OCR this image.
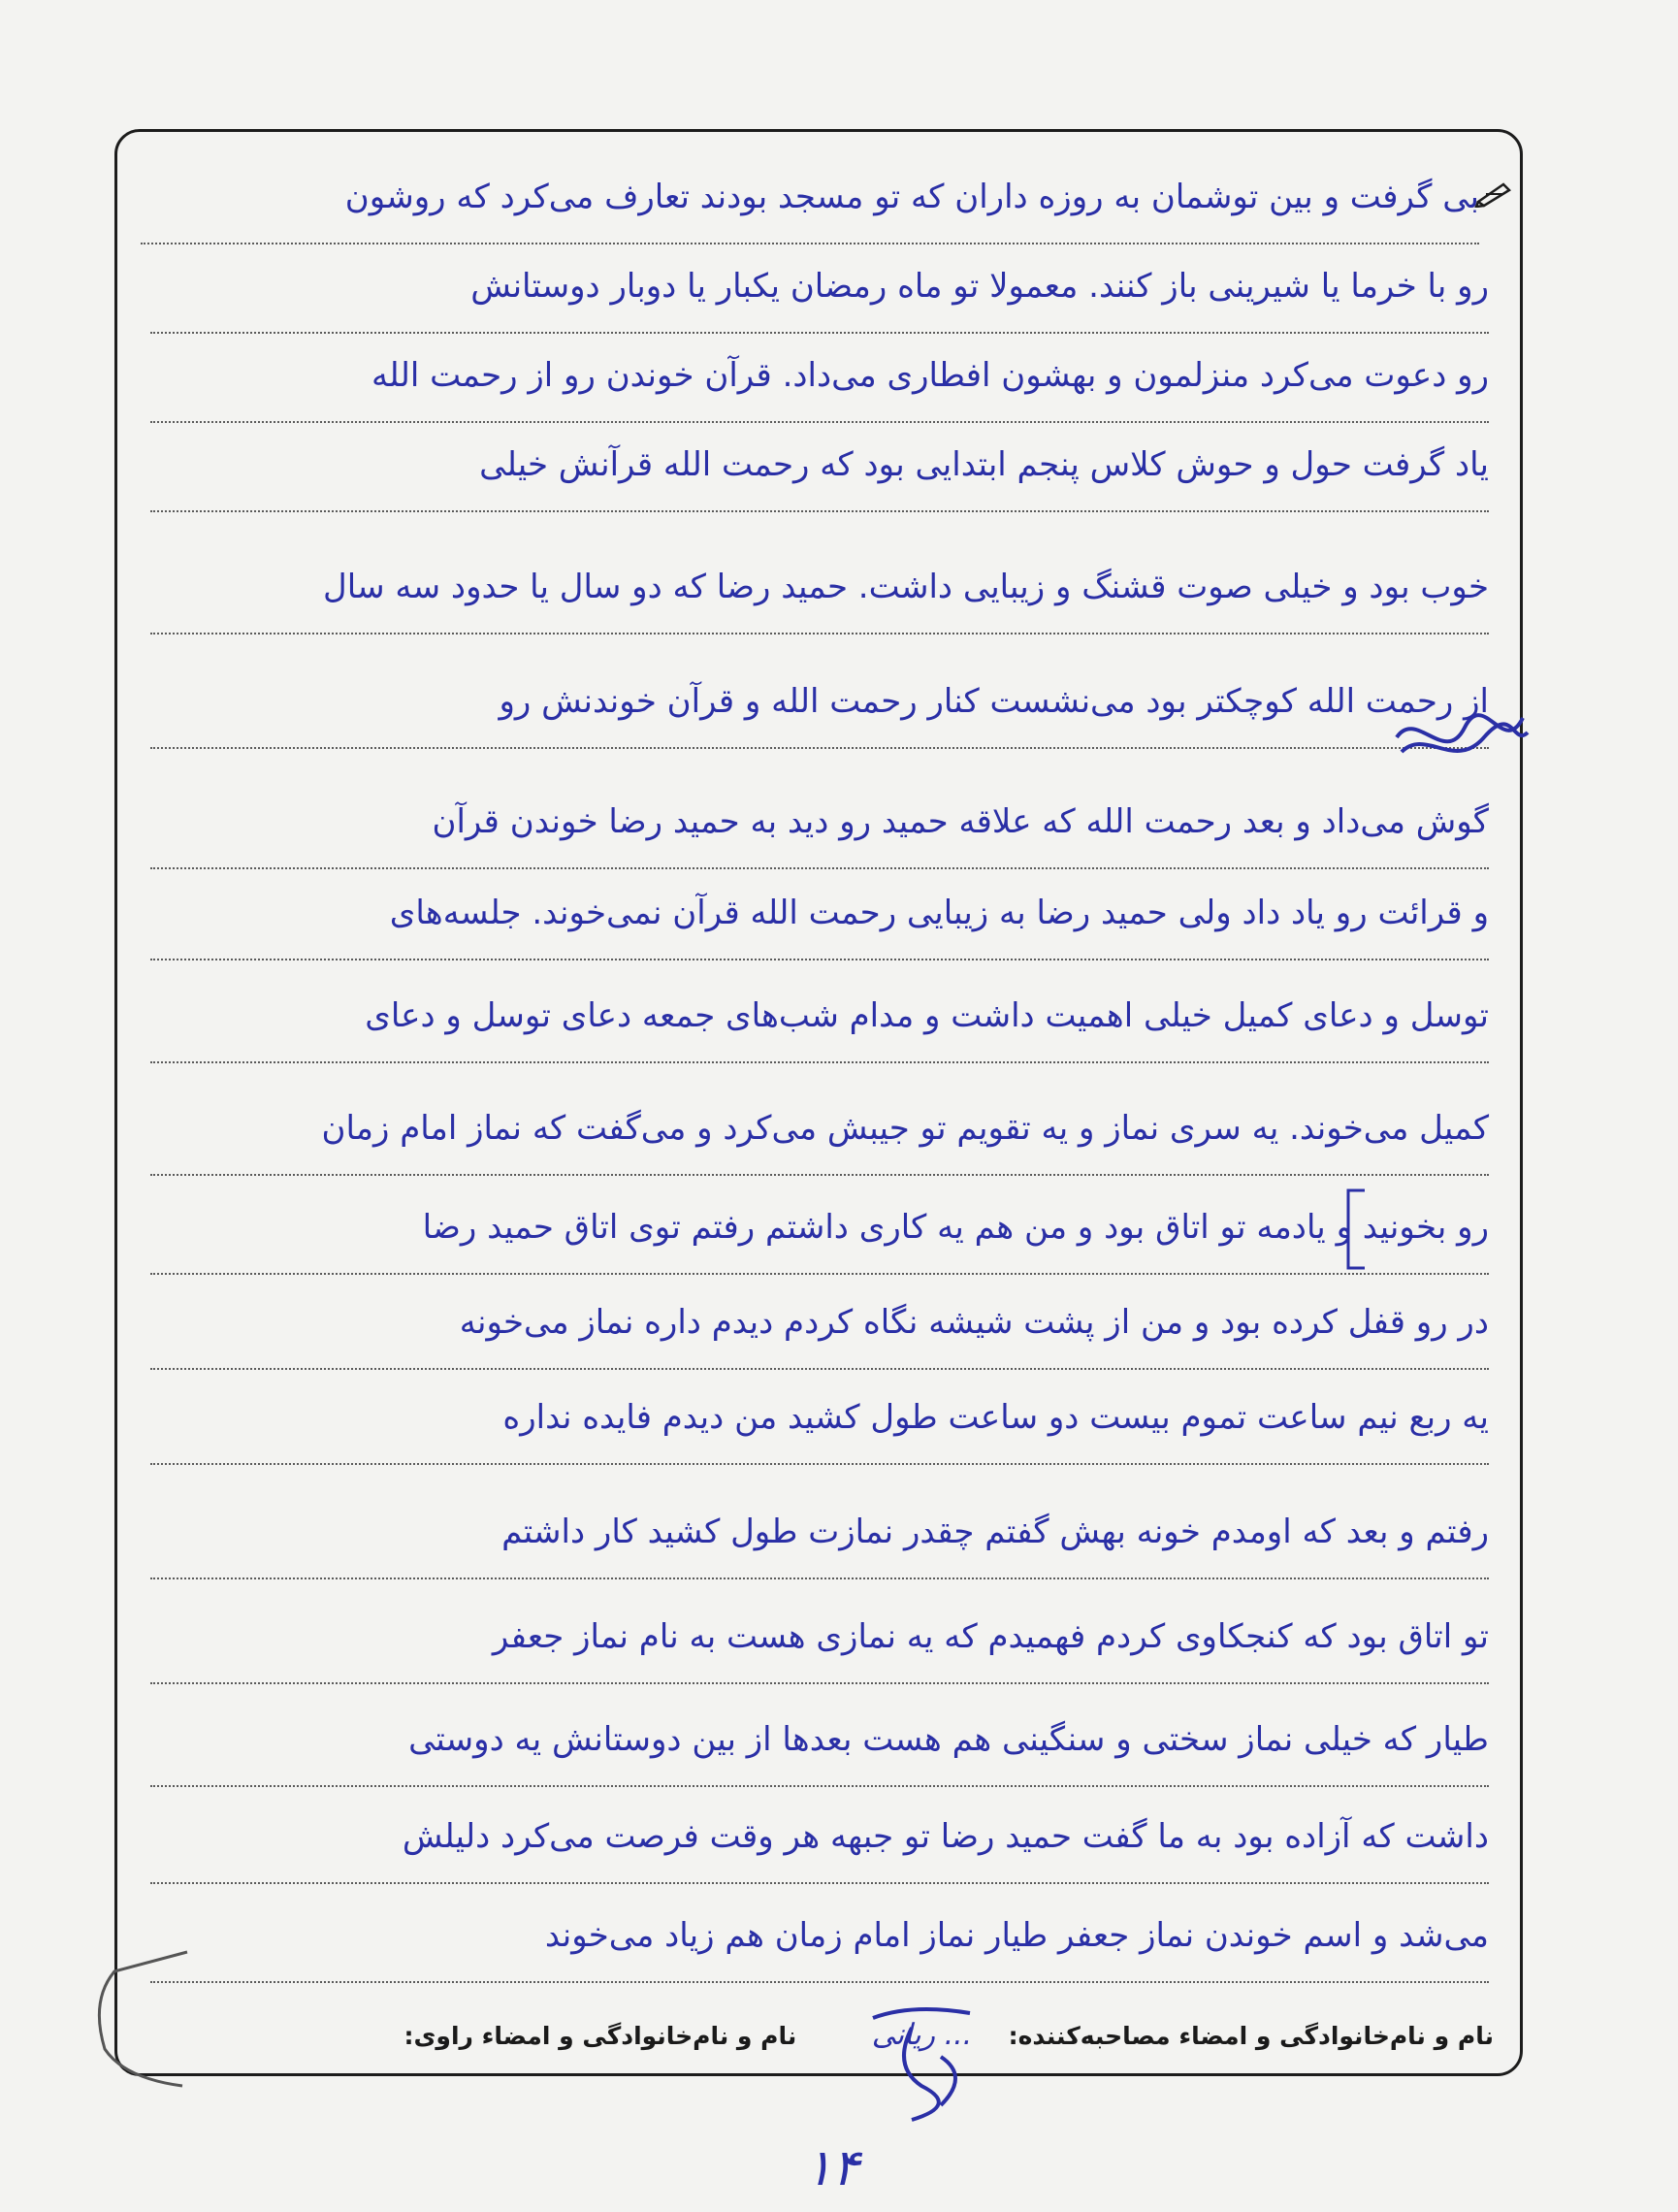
بی گرفت و بین توشمان به روزه داران که تو مسجد بودند تعارف می‌کرد که روشون
رو با خرما یا شیرینی باز کنند. معمولا تو ماه رمضان یکبار یا دوبار دوستانش
رو دعوت می‌کرد منزلمون و بهشون افطاری می‌داد. قرآن خوندن رو از رحمت الله
یاد گرفت حول و حوش کلاس پنجم ابتدایی بود که رحمت الله قرآنش خیلی
خوب بود و خیلی صوت قشنگ و زیبایی داشت. حمید رضا که دو سال یا حدود سه سال
از رحمت الله کوچکتر بود می‌نشست کنار رحمت الله و قرآن خوندنش رو
گوش می‌داد و بعد رحمت الله که علاقه حمید رو دید به حمید رضا خوندن قرآن
و قرائت رو یاد داد ولی حمید رضا به زیبایی رحمت الله قرآن نمی‌خوند. جلسه‌های
توسل و دعای کمیل خیلی اهمیت داشت و مدام شب‌های جمعه دعای توسل و دعای
کمیل می‌خوند. یه سری نماز و یه تقویم تو جیبش می‌کرد و می‌گفت که نماز امام زمان
رو بخونید و یادمه تو اتاق بود و من هم یه کاری داشتم رفتم توی اتاق حمید رضا
در رو قفل کرده بود و من از پشت شیشه نگاه کردم دیدم داره نماز می‌خونه
یه ربع نیم ساعت تموم بیست دو ساعت طول کشید من دیدم فایده نداره
رفتم و بعد که اومدم خونه بهش گفتم چقدر نمازت طول کشید کار داشتم
تو اتاق بود که کنجکاوی کردم فهمیدم که یه نمازی هست به نام نماز جعفر
طیار که خیلی نماز سختی و سنگینی هم هست بعدها از بین دوستانش یه دوستی
داشت که آزاده بود به ما گفت حمید رضا تو جبهه هر وقت فرصت می‌کرد دلیلش
می‌شد و اسم خوندن نماز جعفر طیار نماز امام زمان هم زیاد می‌خوند
نام و نام‌خانوادگی و امضاء مصاحبه‌کننده:  ... ریانی  نام و نام‌خانوادگی و امضاء راوی:
۱۴
